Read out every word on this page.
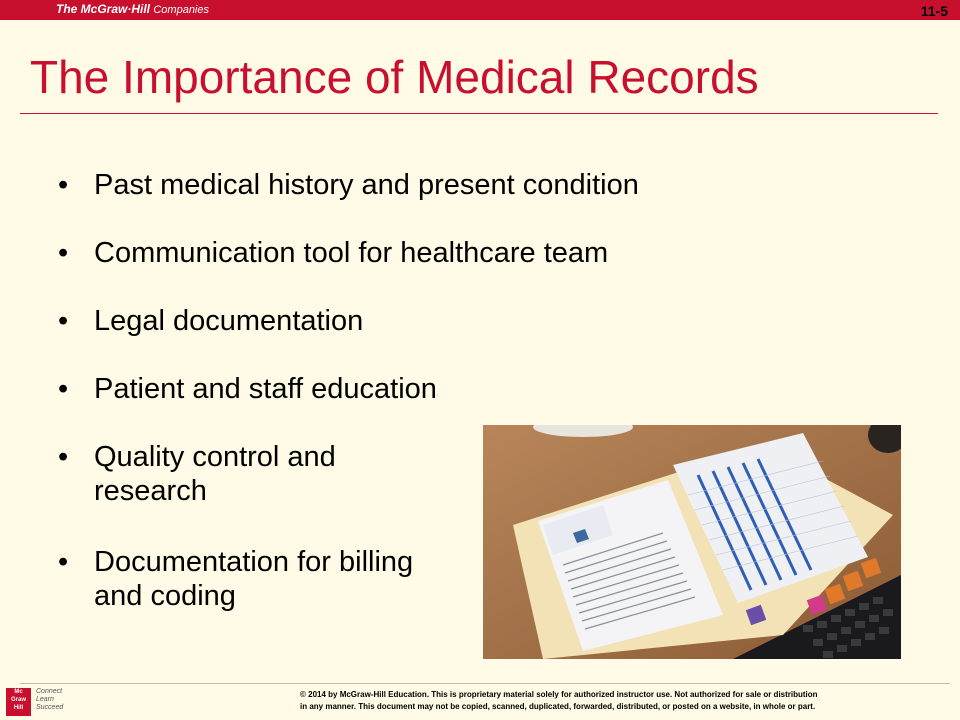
The McGraw·Hill Companies	11-5
The Importance of Medical Records
• Past medical history and present condition
• Communication tool for healthcare team
• Legal documentation
• Patient and staff education
• Quality control and research
• Documentation for billing and coding
Mc
Graw
Hill
Connect
Learn
Succeed
© 2014 by McGraw-Hill Education. This is proprietary material solely for authorized instructor use. Not authorized for sale or distribution
in any manner. This document may not be copied, scanned, duplicated, forwarded, distributed, or posted on a website, in whole or part.
